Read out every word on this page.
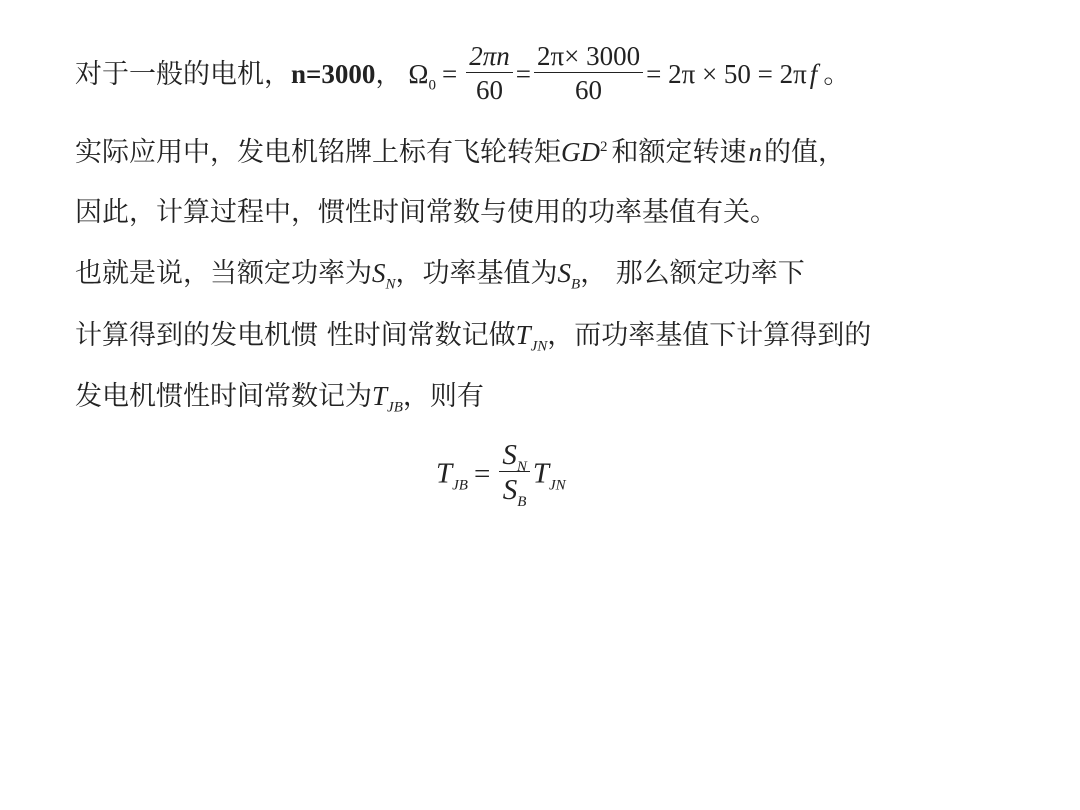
对于一般的电机，n=3000， $\Omega_0 = \frac{2\pi n}{60} = \frac{2\pi\times 3000}{60} = 2\pi \times 50 = 2\pi$ f 。
实际应用中，发电机铭牌上标有飞轮转矩$GD^2$ 和额定转速n的值，
因此，计算过程中，惯性时间常数与使用的功率基值有关。
也就是说，当额定功率为$S_N$，功率基值为$S_B$， 那么额定功率下
计算得到的发电机惯 性时间常数记做$T_{JN}$，而功率基值下计算得到的
发电机惯性时间常数记为$T_{JB}$，则有
$T_{JB} = \frac{S_N}{S_B} T_{JN}$
